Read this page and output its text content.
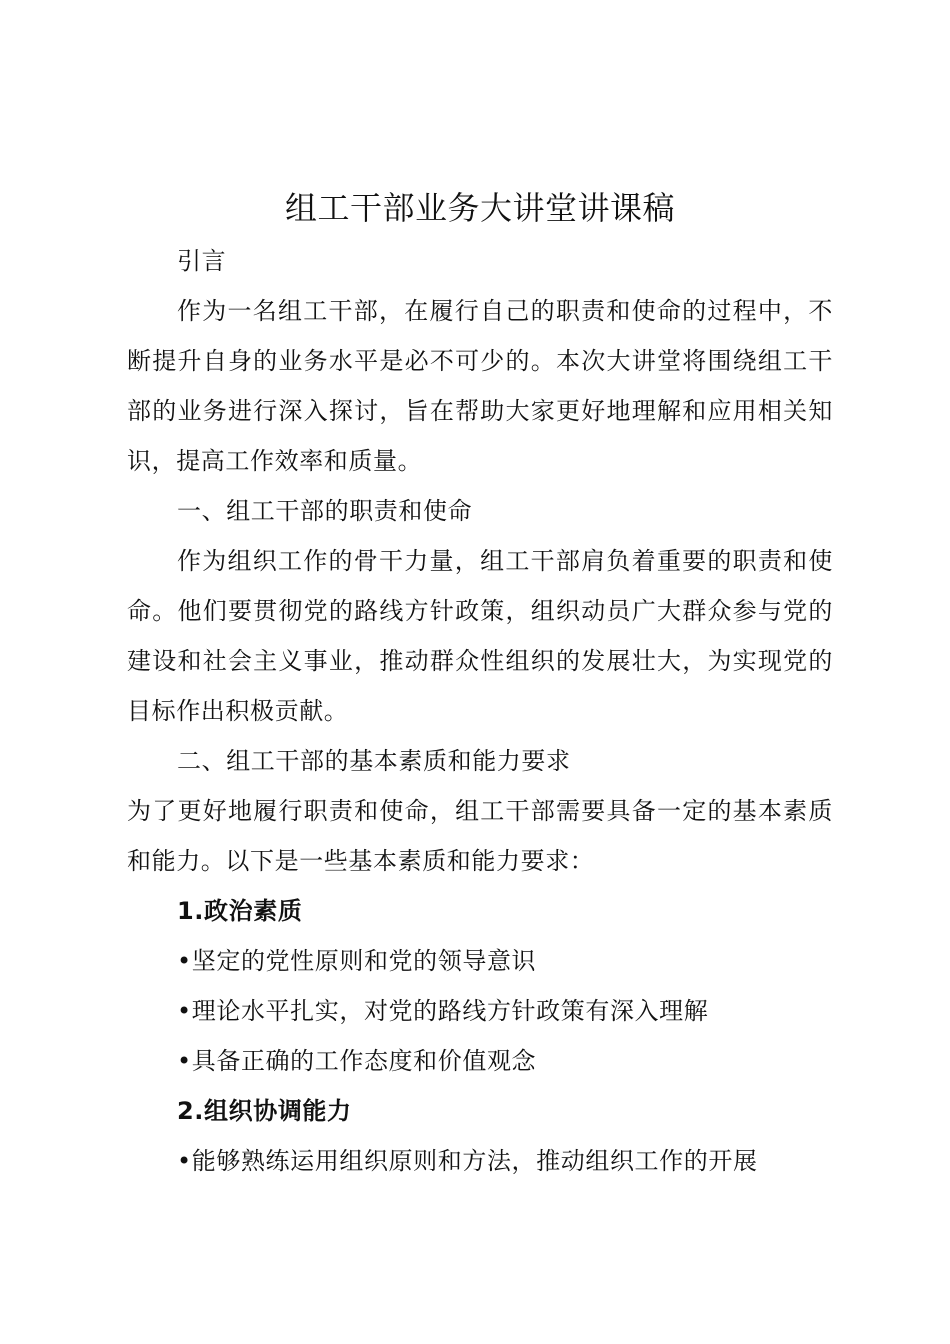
组工干部业务大讲堂讲课稿

引言

作为一名组工干部，在履行自己的职责和使命的过程中，不断提升自身的业务水平是必不可少的。本次大讲堂将围绕组工干部的业务进行深入探讨，旨在帮助大家更好地理解和应用相关知识，提高工作效率和质量。

一、组工干部的职责和使命

作为组织工作的骨干力量，组工干部肩负着重要的职责和使命。他们要贯彻党的路线方针政策，组织动员广大群众参与党的建设和社会主义事业，推动群众性组织的发展壮大，为实现党的目标作出积极贡献。

二、组工干部的基本素质和能力要求

为了更好地履行职责和使命，组工干部需要具备一定的基本素质和能力。以下是一些基本素质和能力要求：

1.政治素质

•坚定的党性原则和党的领导意识

•理论水平扎实，对党的路线方针政策有深入理解

•具备正确的工作态度和价值观念

2.组织协调能力

•能够熟练运用组织原则和方法，推动组织工作的开展
